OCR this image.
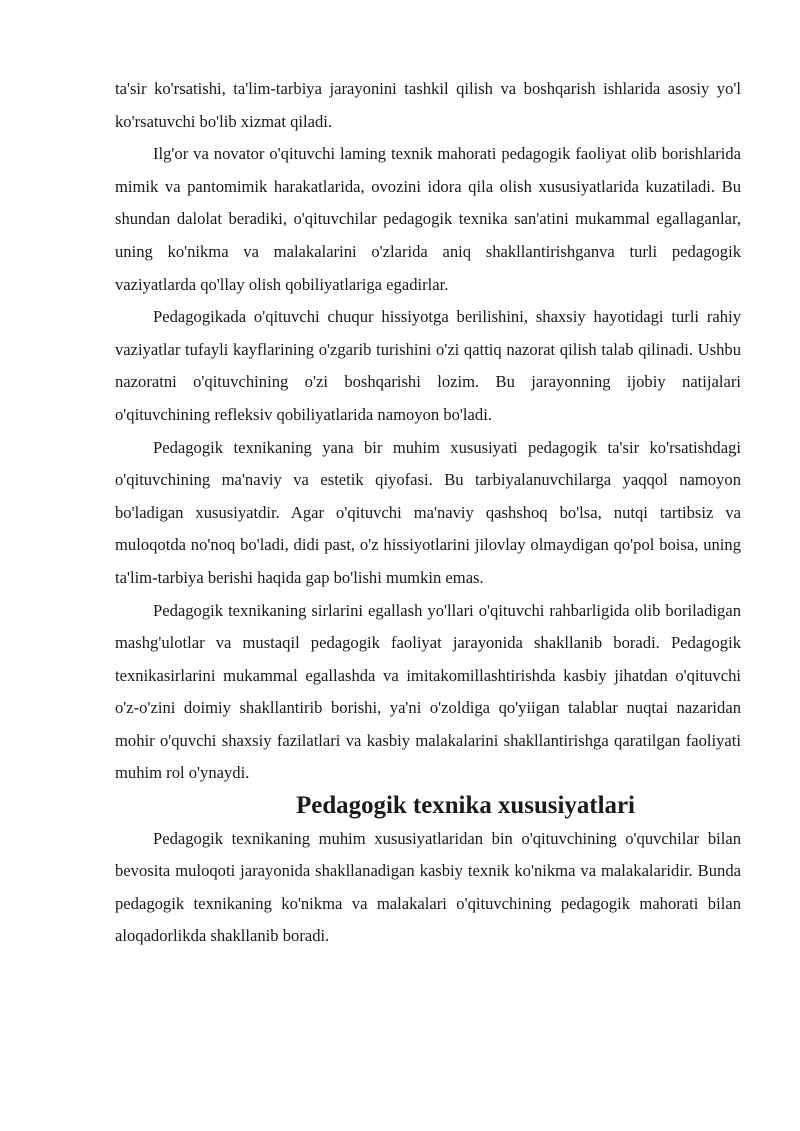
ta'sir ko'rsatishi, ta'lim-tarbiya jarayonini tashkil qilish va boshqarish ishlarida asosiy yo'l ko'rsatuvchi bo'lib xizmat qiladi.

Ilg'or va novator o'qituvchi laming texnik mahorati pedagogik faoliyat olib borishlarida mimik va pantomimik harakatlarida, ovozini idora qila olish xususiyatlarida kuzatiladi. Bu shundan dalolat beradiki, o'qituvchilar pedagogik texnika san'atini mukammal egallaganlar, uning ko'nikma va malakalarini o'zlarida aniq shakllantirishganva turli pedagogik vaziyatlarda qo'llay olish qobiliyatlariga egadirlar.

Pedagogikada o'qituvchi chuqur hissiyotga berilishini, shaxsiy hayotidagi turli rahiy vaziyatlar tufayli kayflarining o'zgarib turishini o'zi qattiq nazorat qilish talab qilinadi. Ushbu nazoratni o'qituvchining o'zi boshqarishi lozim. Bu jarayonning ijobiy natijalari o'qituvchining refleksiv qobiliyatlarida namoyon bo'ladi.

Pedagogik texnikaning yana bir muhim xususiyati pedagogik ta'sir ko'rsatishdagi o'qituvchining ma'naviy va estetik qiyofasi. Bu tarbiyalanuvchilarga yaqqol namoyon bo'ladigan xususiyatdir. Agar o'qituvchi ma'naviy qashshoq bo'lsa, nutqi tartibsiz va muloqotda no'noq bo'ladi, didi past, o'z hissiyotlarini jilovlay olmaydigan qo'pol boisa, uning ta'lim-tarbiya berishi haqida gap bo'lishi mumkin emas.

Pedagogik texnikaning sirlarini egallash yo'llari o'qituvchi rahbarligida olib boriladigan mashg'ulotlar va mustaqil pedagogik faoliyat jarayonida shakllanib boradi. Pedagogik texnikasirlarini mukammal egallashda va imitakomillashtirishda kasbiy jihatdan o'qituvchi o'z-o'zini doimiy shakllantirib borishi, ya'ni o'zoldiga qo'yiigan talablar nuqtai nazaridan mohir o'quvchi shaxsiy fazilatlari va kasbiy malakalarini shakllantirishga qaratilgan faoliyati muhim rol o'ynaydi.

Pedagogik texnika xususiyatlari

Pedagogik texnikaning muhim xususiyatlaridan bin o'qituvchining o'quvchilar bilan bevosita muloqoti jarayonida shakllanadigan kasbiy texnik ko'nikma va malakalaridir. Bunda pedagogik texnikaning ko'nikma va malakalari o'qituvchining pedagogik mahorati bilan aloqadorlikda shakllanib boradi.
